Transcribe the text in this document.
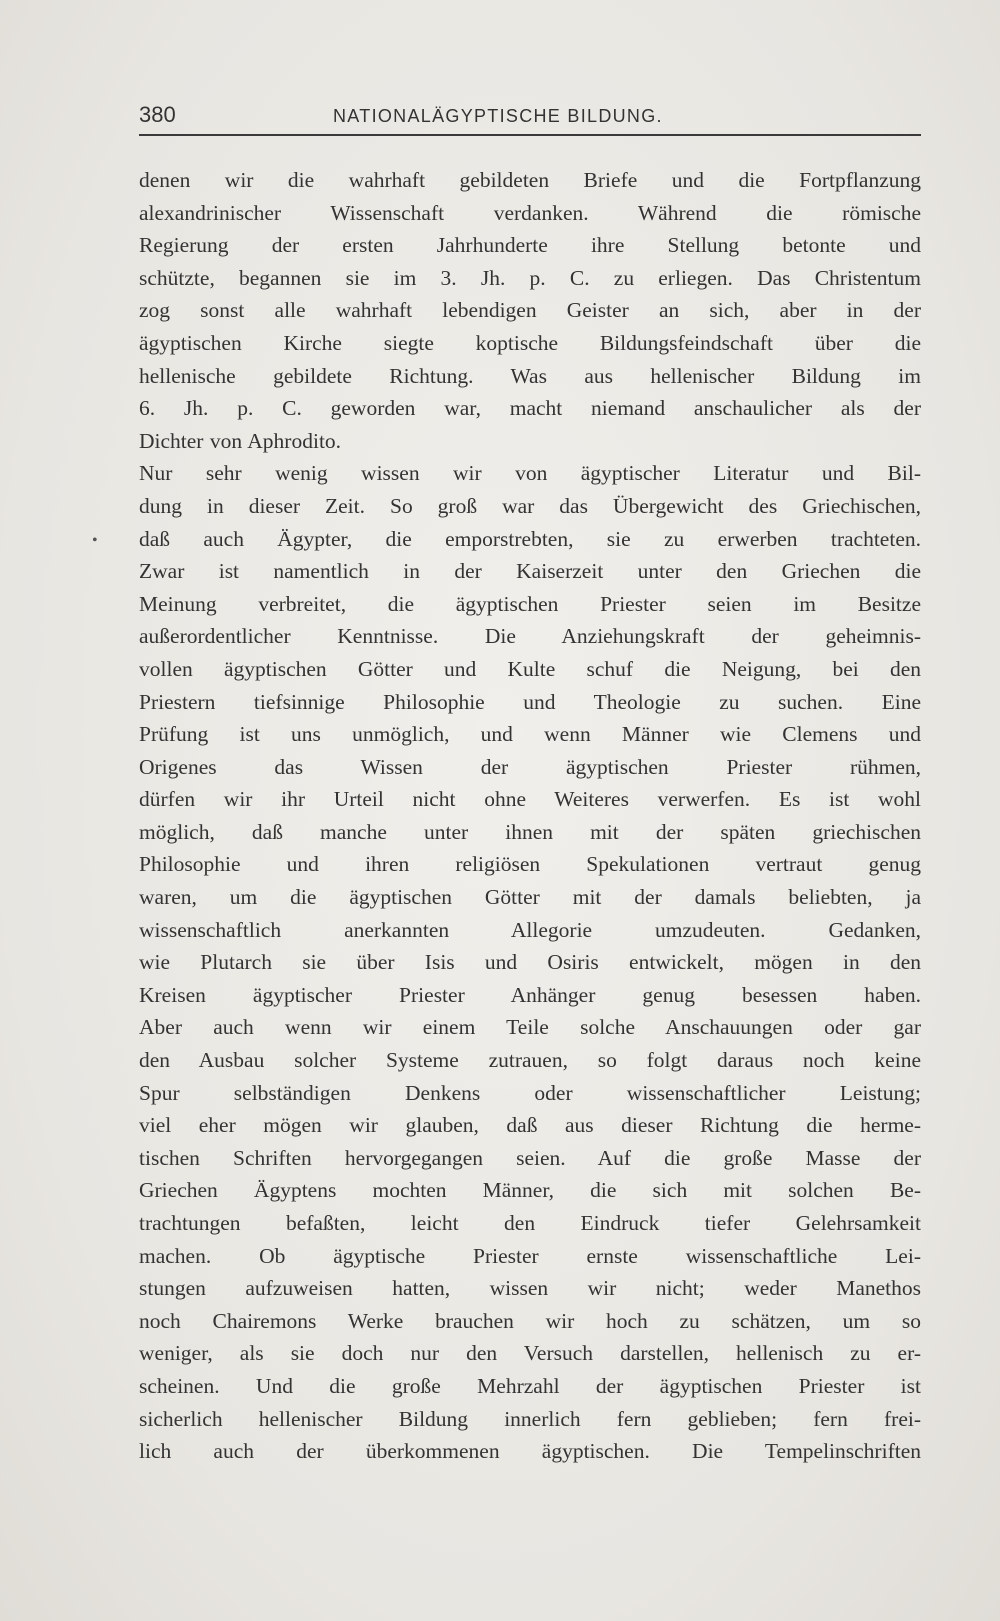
380	NATIONALÄGYPTISCHE BILDUNG.
•
denen wir die wahrhaft gebildeten Briefe und die Fortpflanzung
alexandrinischer Wissenschaft verdanken. Während die römische
Regierung der ersten Jahrhunderte ihre Stellung betonte und
schützte, begannen sie im 3. Jh. p. C. zu erliegen. Das Christentum
zog sonst alle wahrhaft lebendigen Geister an sich, aber in der
ägyptischen Kirche siegte koptische Bildungsfeindschaft über die
hellenische gebildete Richtung. Was aus hellenischer Bildung im
6. Jh. p. C. geworden war, macht niemand anschaulicher als der
Dichter von Aphrodito.
Nur sehr wenig wissen wir von ägyptischer Literatur und Bil-
dung in dieser Zeit. So groß war das Übergewicht des Griechischen,
daß auch Ägypter, die emporstrebten, sie zu erwerben trachteten.
Zwar ist namentlich in der Kaiserzeit unter den Griechen die
Meinung verbreitet, die ägyptischen Priester seien im Besitze
außerordentlicher Kenntnisse. Die Anziehungskraft der geheimnis-
vollen ägyptischen Götter und Kulte schuf die Neigung, bei den
Priestern tiefsinnige Philosophie und Theologie zu suchen. Eine
Prüfung ist uns unmöglich, und wenn Männer wie Clemens und
Origenes das Wissen der ägyptischen Priester rühmen,
dürfen wir ihr Urteil nicht ohne Weiteres verwerfen. Es ist wohl
möglich, daß manche unter ihnen mit der späten griechischen
Philosophie und ihren religiösen Spekulationen vertraut genug
waren, um die ägyptischen Götter mit der damals beliebten, ja
wissenschaftlich anerkannten Allegorie umzudeuten. Gedanken,
wie Plutarch sie über Isis und Osiris entwickelt, mögen in den
Kreisen ägyptischer Priester Anhänger genug besessen haben.
Aber auch wenn wir einem Teile solche Anschauungen oder gar
den Ausbau solcher Systeme zutrauen, so folgt daraus noch keine
Spur selbständigen Denkens oder wissenschaftlicher Leistung;
viel eher mögen wir glauben, daß aus dieser Richtung die herme-
tischen Schriften hervorgegangen seien. Auf die große Masse der
Griechen Ägyptens mochten Männer, die sich mit solchen Be-
trachtungen befaßten, leicht den Eindruck tiefer Gelehrsamkeit
machen. Ob ägyptische Priester ernste wissenschaftliche Lei-
stungen aufzuweisen hatten, wissen wir nicht; weder Manethos
noch Chairemons Werke brauchen wir hoch zu schätzen, um so
weniger, als sie doch nur den Versuch darstellen, hellenisch zu er-
scheinen. Und die große Mehrzahl der ägyptischen Priester ist
sicherlich hellenischer Bildung innerlich fern geblieben; fern frei-
lich auch der überkommenen ägyptischen. Die Tempelinschriften
